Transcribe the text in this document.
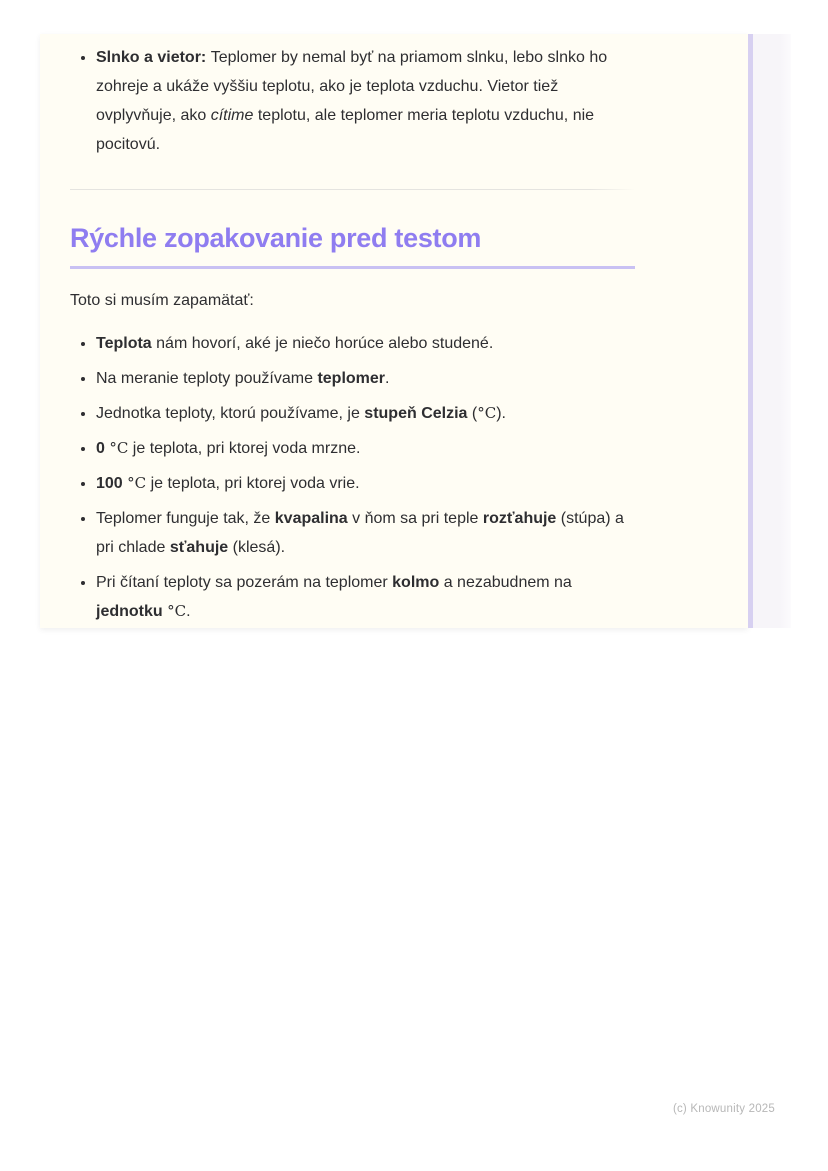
• Slnko a vietor: Teplomer by nemal byť na priamom slnku, lebo slnko ho zohreje a ukáže vyššiu teplotu, ako je teplota vzduchu. Vietor tiež ovplyvňuje, ako cítime teplotu, ale teplomer meria teplotu vzduchu, nie pocitovú.
Rýchle zopakovanie pred testom

Toto si musím zapamätať:

• Teplota nám hovorí, aké je niečo horúce alebo studené.
• Na meranie teploty používame teplomer.
• Jednotka teploty, ktorú používame, je stupeň Celzia (°C).
• 0 °C je teplota, pri ktorej voda mrzne.
• 100 °C je teplota, pri ktorej voda vrie.
• Teplomer funguje tak, že kvapalina v ňom sa pri teple rozťahuje (stúpa) a pri chlade sťahuje (klesá).
• Pri čítaní teploty sa pozerám na teplomer kolmo a nezabudnem na jednotku °C.
(c) Knowunity 2025
